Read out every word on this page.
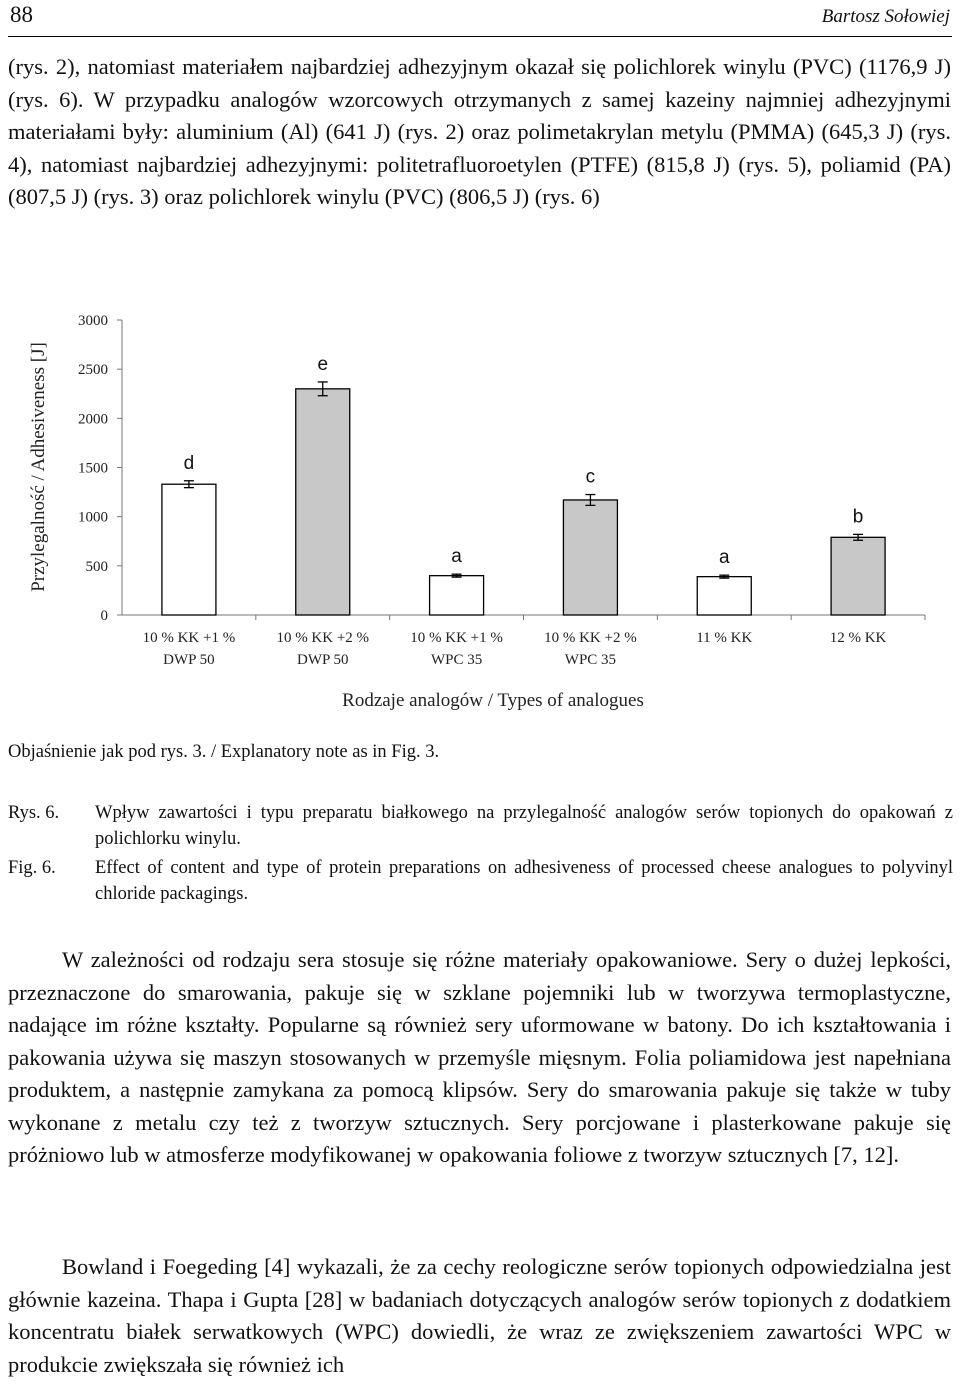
88	Bartosz Sołowiej

(rys. 2), natomiast materiałem najbardziej adhezyjnym okazał się polichlorek winylu (PVC) (1176,9 J) (rys. 6). W przypadku analogów wzorcowych otrzymanych z samej kazeiny najmniej adhezyjnymi materiałami były: aluminium (Al) (641 J) (rys. 2) oraz polimetakrylan metylu (PMMA) (645,3 J) (rys. 4), natomiast najbardziej adhezyjnymi: politetrafluoroetylen (PTFE) (815,8 J) (rys. 5), poliamid (PA) (807,5 J) (rys. 3) oraz polichlorek winylu (PVC) (806,5 J) (rys. 6)

0
500
1000
1500
2000
2500
3000
Przylegalność / Adhesiveness [J]
Rodzaje analogów / Types of analogues
d
10 % KK +1 %
DWP 50
e
10 % KK +2 %
DWP 50
a
10 % KK +1 %
WPC 35
c
10 % KK +2 %
WPC 35
a
11 % KK
b
12 % KK
Objaśnienie jak pod rys. 3. / Explanatory note as in Fig. 3.
Rys. 6. Wpływ zawartości i typu preparatu białkowego na przylegalność analogów serów topionych do opakowań z polichlorku winylu.
Fig. 6. Effect of content and type of protein preparations on adhesiveness of processed cheese analogues to polyvinyl chloride packagings.

W zależności od rodzaju sera stosuje się różne materiały opakowaniowe. Sery o dużej lepkości, przeznaczone do smarowania, pakuje się w szklane pojemniki lub w tworzywa termoplastyczne, nadające im różne kształty. Popularne są również sery uformowane w batony. Do ich kształtowania i pakowania używa się maszyn stosowanych w przemyśle mięsnym. Folia poliamidowa jest napełniana produktem, a następnie zamykana za pomocą klipsów. Sery do smarowania pakuje się także w tuby wykonane z metalu czy też z tworzyw sztucznych. Sery porcjowane i plasterkowane pakuje się próżniowo lub w atmosferze modyfikowanej w opakowania foliowe z tworzyw sztucznych [7, 12].

Bowland i Foegeding [4] wykazali, że za cechy reologiczne serów topionych odpowiedzialna jest głównie kazeina. Thapa i Gupta [28] w badaniach dotyczących analogów serów topionych z dodatkiem koncentratu białek serwatkowych (WPC) dowiedli, że wraz ze zwiększeniem zawartości WPC w produkcie zwiększała się również ich
